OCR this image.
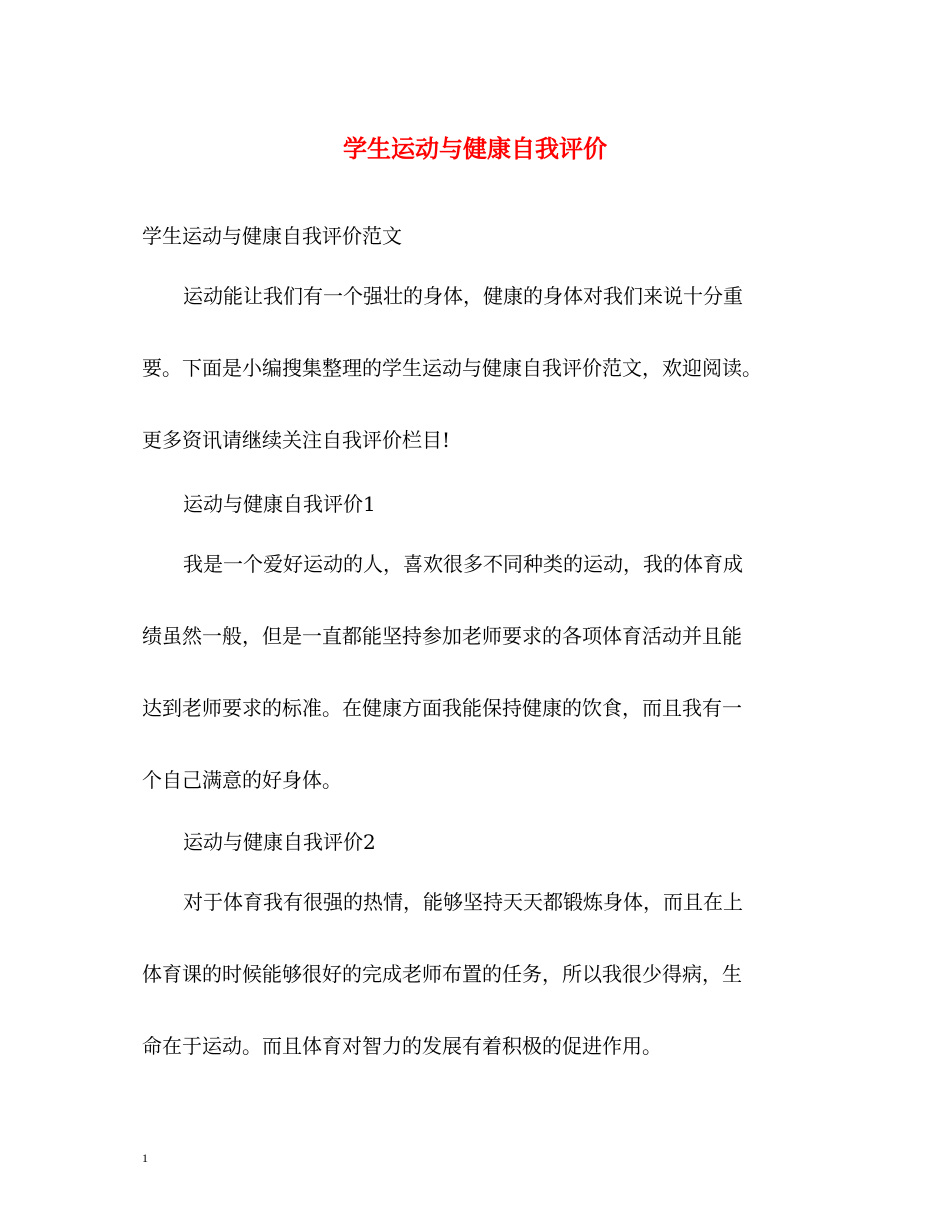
学生运动与健康自我评价
学生运动与健康自我评价范文
运动能让我们有一个强壮的身体，健康的身体对我们来说十分重
要。下面是小编搜集整理的学生运动与健康自我评价范文，欢迎阅读。
更多资讯请继续关注自我评价栏目!
运动与健康自我评价1
我是一个爱好运动的人，喜欢很多不同种类的运动，我的体育成
绩虽然一般，但是一直都能坚持参加老师要求的各项体育活动并且能
达到老师要求的标准。在健康方面我能保持健康的饮食，而且我有一
个自己满意的好身体。
运动与健康自我评价2
对于体育我有很强的热情，能够坚持天天都锻炼身体，而且在上
体育课的时候能够很好的完成老师布置的任务，所以我很少得病，生
命在于运动。而且体育对智力的发展有着积极的促进作用。
1
